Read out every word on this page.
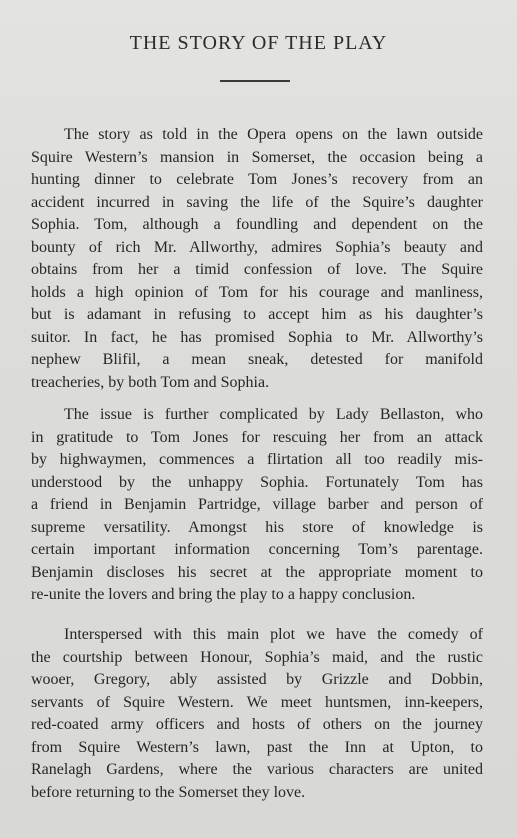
THE STORY OF THE PLAY
The story as told in the Opera opens on the lawn outside
Squire Western’s mansion in Somerset, the occasion being a
hunting dinner to celebrate Tom Jones’s recovery from an
accident incurred in saving the life of the Squire’s daughter
Sophia. Tom, although a foundling and dependent on the
bounty of rich Mr. Allworthy, admires Sophia’s beauty and
obtains from her a timid confession of love. The Squire
holds a high opinion of Tom for his courage and manliness,
but is adamant in refusing to accept him as his daughter’s
suitor. In fact, he has promised Sophia to Mr. Allworthy’s
nephew Blifil, a mean sneak, detested for manifold
treacheries, by both Tom and Sophia.
The issue is further complicated by Lady Bellaston, who
in gratitude to Tom Jones for rescuing her from an attack
by highwaymen, commences a flirtation all too readily mis-
understood by the unhappy Sophia. Fortunately Tom has
a friend in Benjamin Partridge, village barber and person of
supreme versatility. Amongst his store of knowledge is
certain important information concerning Tom’s parentage.
Benjamin discloses his secret at the appropriate moment to
re-unite the lovers and bring the play to a happy conclusion.
Interspersed with this main plot we have the comedy of
the courtship between Honour, Sophia’s maid, and the rustic
wooer, Gregory, ably assisted by Grizzle and Dobbin,
servants of Squire Western. We meet huntsmen, inn-keepers,
red-coated army officers and hosts of others on the journey
from Squire Western’s lawn, past the Inn at Upton, to
Ranelagh Gardens, where the various characters are united
before returning to the Somerset they love.
